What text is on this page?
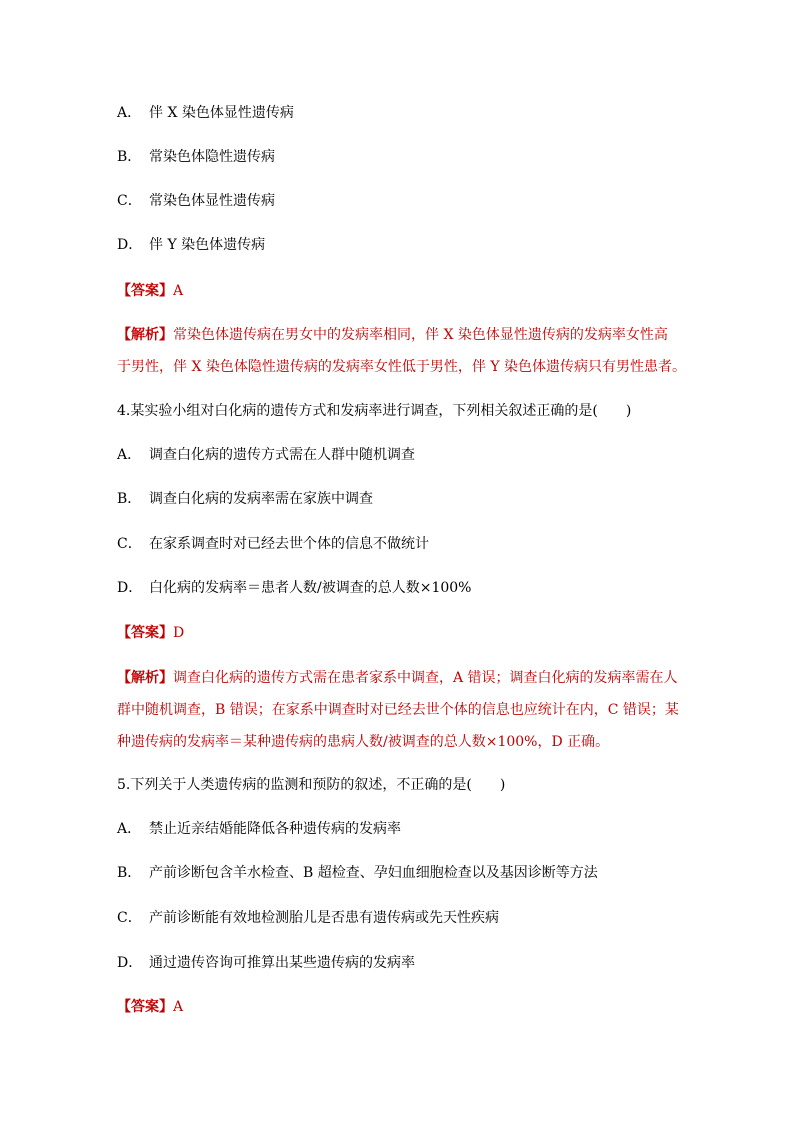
A． 伴 X 染色体显性遗传病
B． 常染色体隐性遗传病
C． 常染色体显性遗传病
D． 伴 Y 染色体遗传病
【答案】A
【解析】常染色体遗传病在男女中的发病率相同，伴 X 染色体显性遗传病的发病率女性高
于男性，伴 X 染色体隐性遗传病的发病率女性低于男性，伴 Y 染色体遗传病只有男性患者。
4.某实验小组对白化病的遗传方式和发病率进行调查，下列相关叙述正确的是(　　)
A． 调查白化病的遗传方式需在人群中随机调查
B． 调查白化病的发病率需在家族中调查
C． 在家系调查时对已经去世个体的信息不做统计
D． 白化病的发病率＝患者人数/被调查的总人数×100%
【答案】D
【解析】调查白化病的遗传方式需在患者家系中调查，A 错误；调查白化病的发病率需在人
群中随机调查，B 错误；在家系中调查时对已经去世个体的信息也应统计在内，C 错误；某
种遗传病的发病率＝某种遗传病的患病人数/被调查的总人数×100%，D 正确。
5.下列关于人类遗传病的监测和预防的叙述，不正确的是(　　)
A． 禁止近亲结婚能降低各种遗传病的发病率
B． 产前诊断包含羊水检查、B 超检查、孕妇血细胞检查以及基因诊断等方法
C． 产前诊断能有效地检测胎儿是否患有遗传病或先天性疾病
D． 通过遗传咨询可推算出某些遗传病的发病率
【答案】A
